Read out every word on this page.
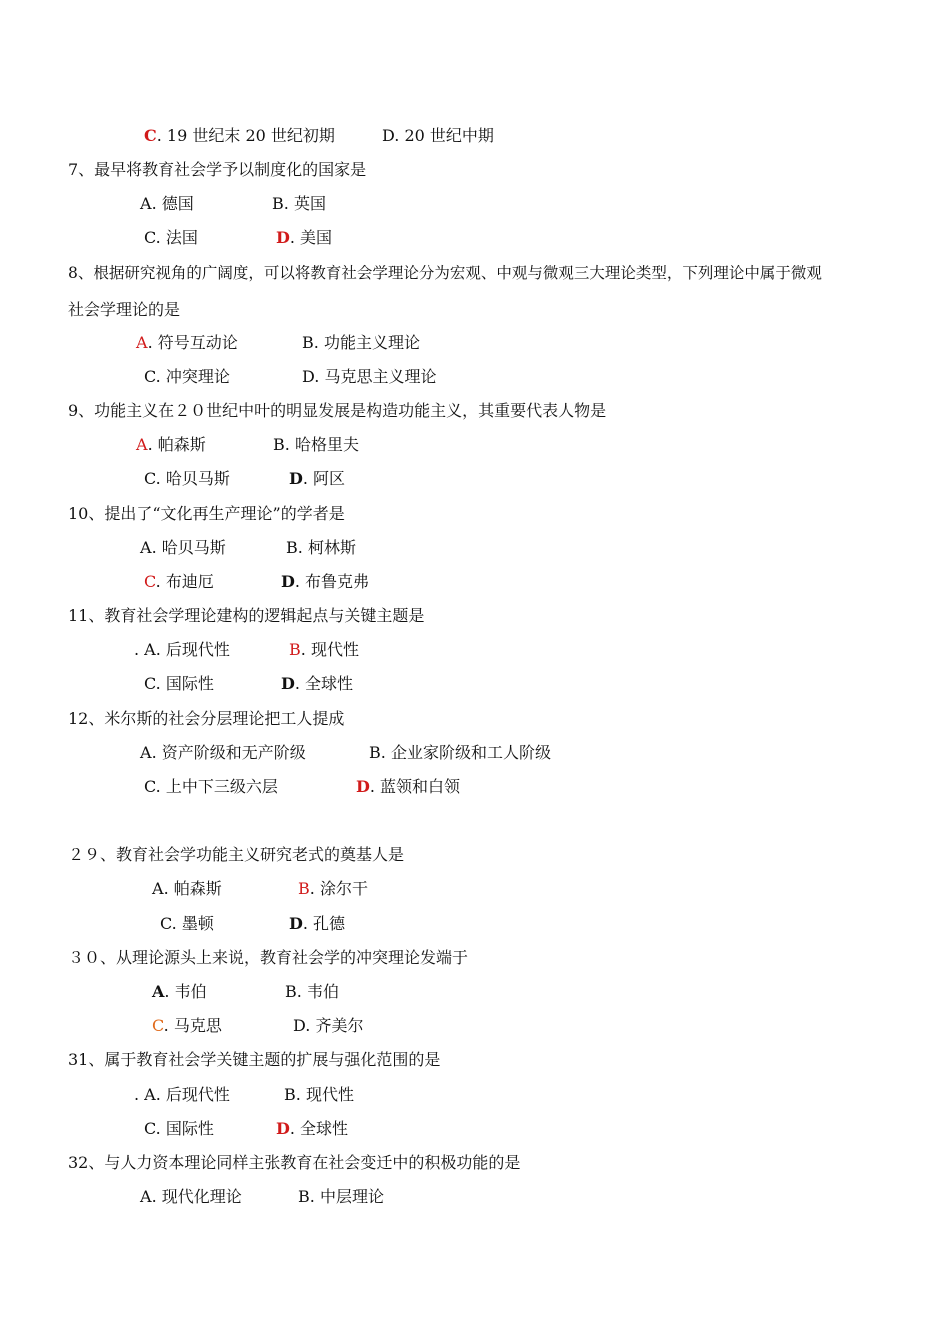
C. 19 世纪末 20 世纪初期	D. 20 世纪中期
7、最早将教育社会学予以制度化的国家是
A. 德国	B. 英国
C. 法国	D. 美国
8、根据研究视角的广阔度，可以将教育社会学理论分为宏观、中观与微观三大理论类型，下列理论中属于微观
社会学理论的是
A. 符号互动论	B. 功能主义理论
C. 冲突理论	D. 马克思主义理论
9、功能主义在２０世纪中叶的明显发展是构造功能主义，其重要代表人物是
A. 帕森斯	B. 哈格里夫
C. 哈贝马斯	D. 阿区
10、提出了“文化再生产理论”的学者是
A. 哈贝马斯	B. 柯林斯
C. 布迪厄	D. 布鲁克弗
11、教育社会学理论建构的逻辑起点与关键主题是
. A. 后现代性	B. 现代性
C. 国际性	D. 全球性
12、米尔斯的社会分层理论把工人提成
A. 资产阶级和无产阶级	B. 企业家阶级和工人阶级
C. 上中下三级六层	D. 蓝领和白领
２９、教育社会学功能主义研究老式的奠基人是
A. 帕森斯	B. 涂尔干
C. 墨顿	D. 孔德
３０、从理论源头上来说，教育社会学的冲突理论发端于
A. 韦伯	B. 韦伯
C. 马克思	D. 齐美尔
31、属于教育社会学关键主题的扩展与强化范围的是
. A. 后现代性	B. 现代性
C. 国际性	D. 全球性
32、与人力资本理论同样主张教育在社会变迁中的积极功能的是
A. 现代化理论	B. 中层理论
